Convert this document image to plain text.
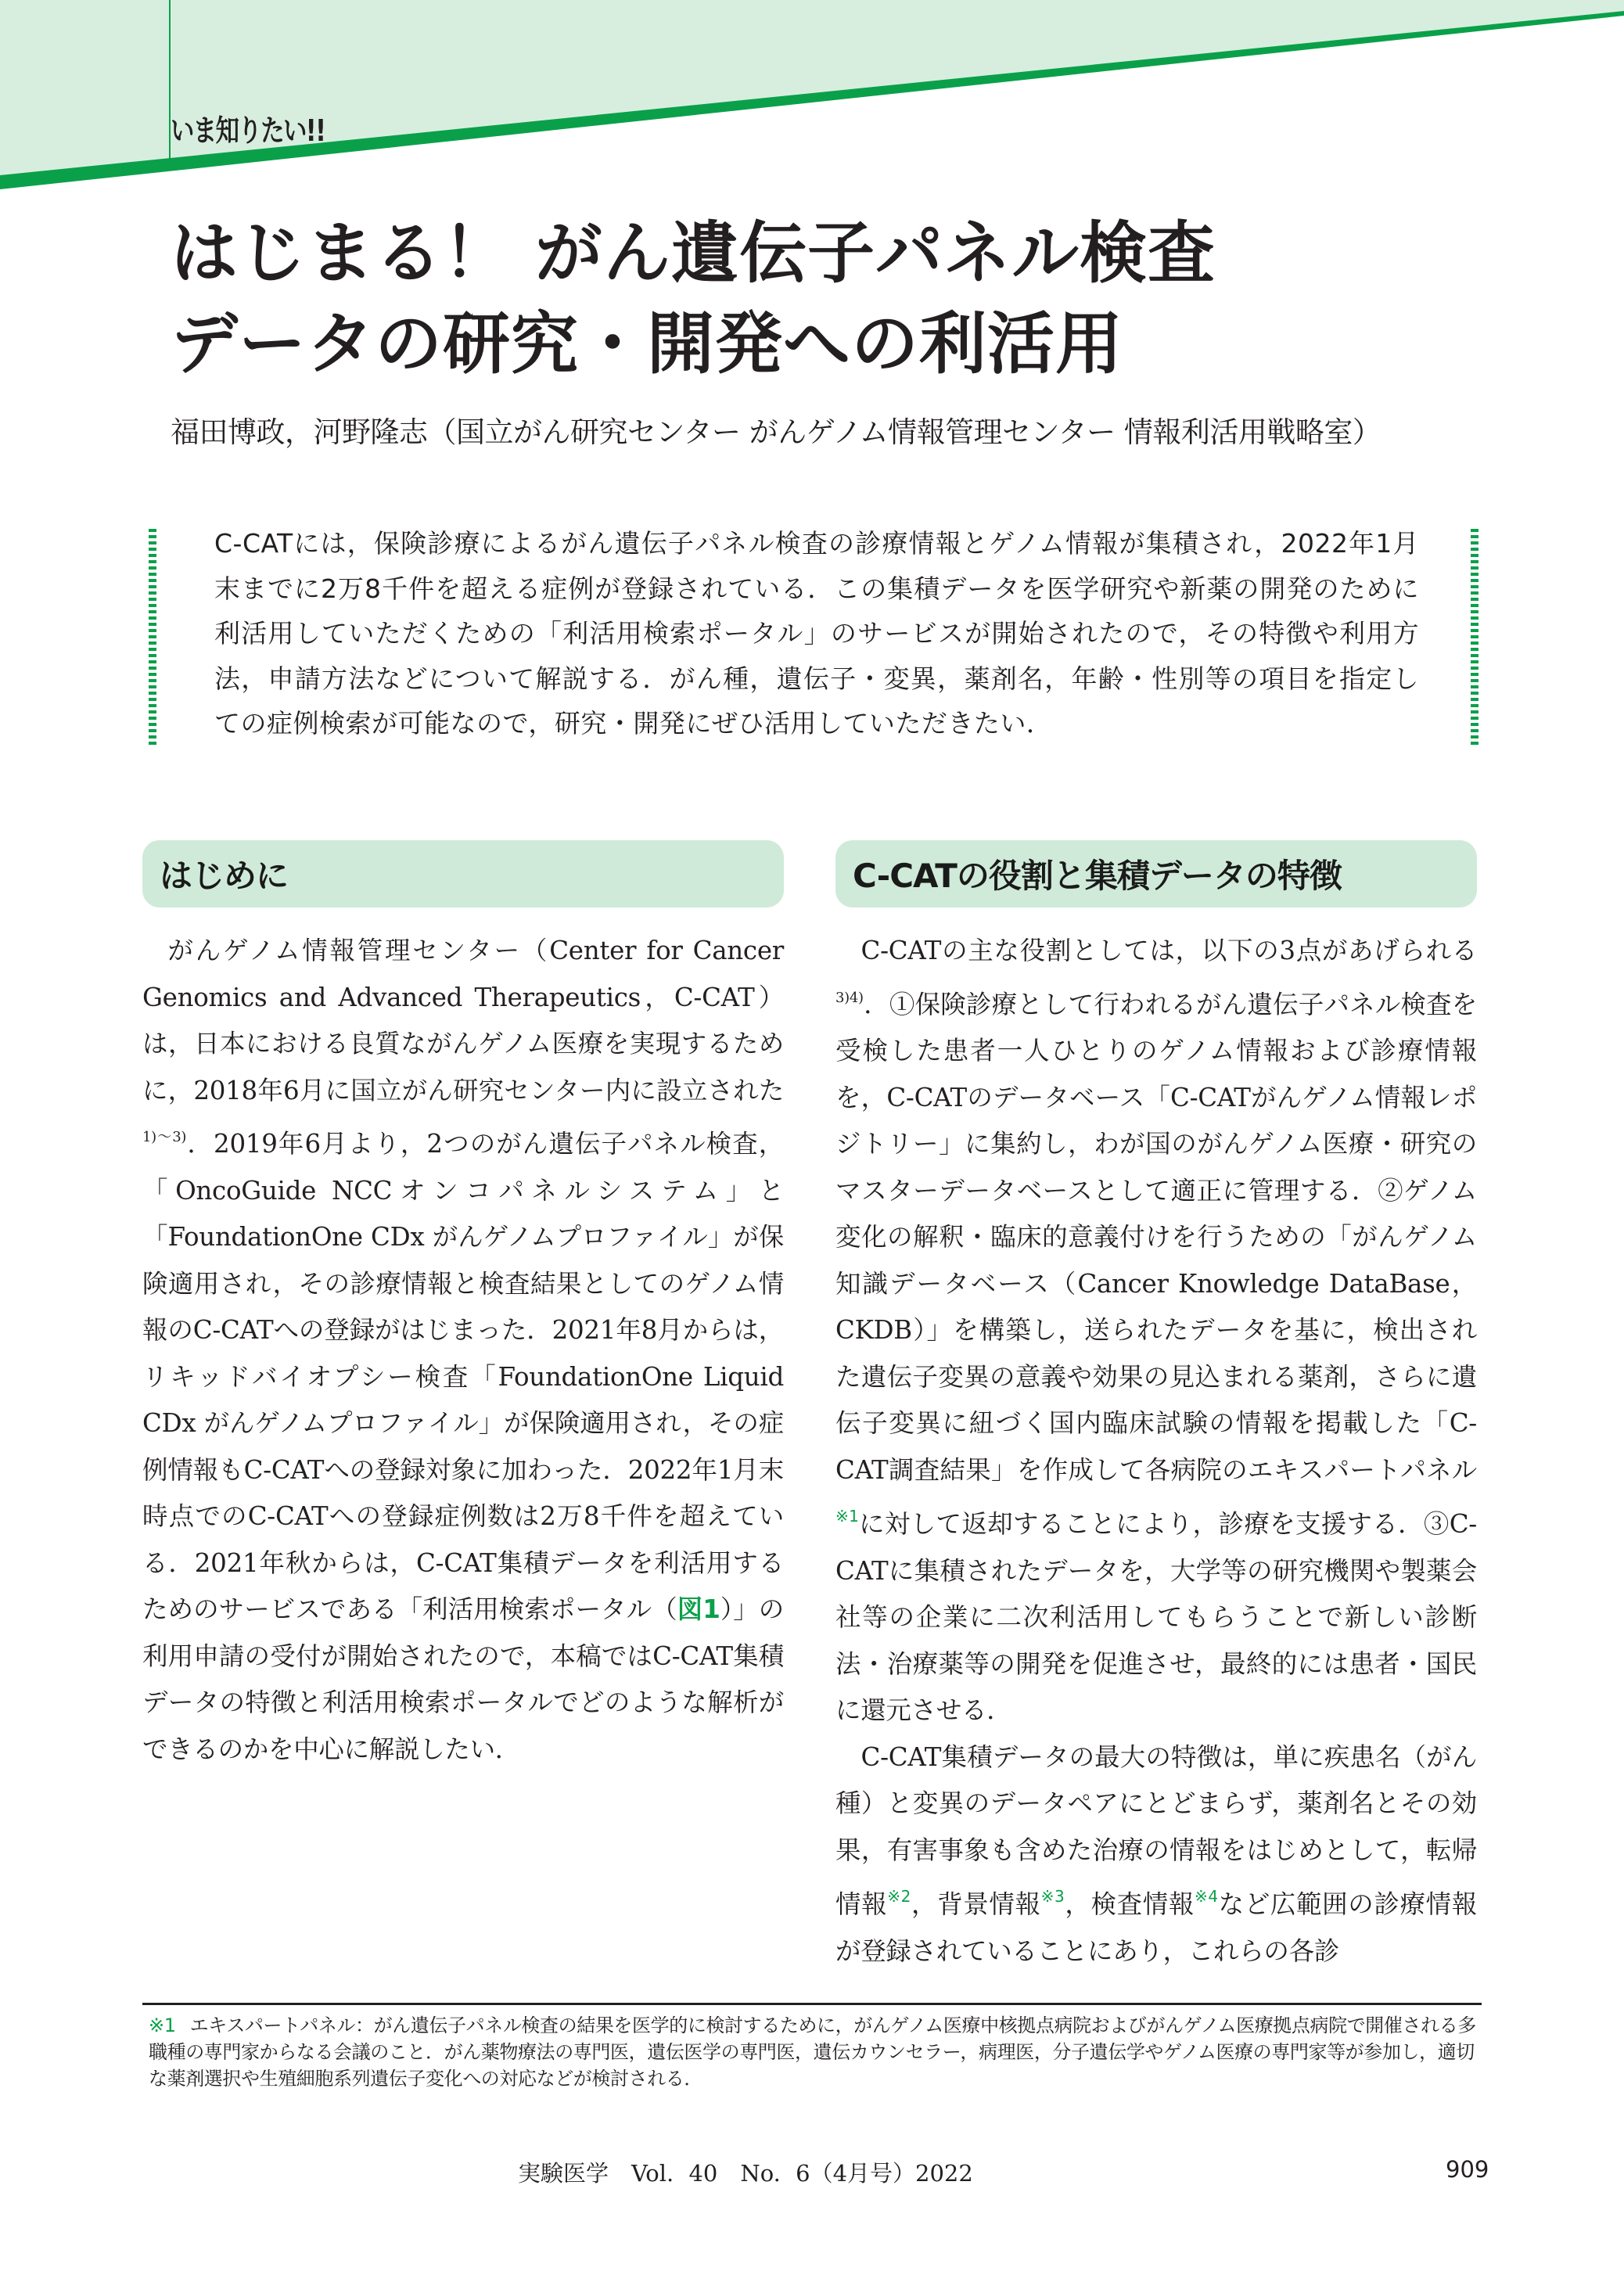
いま知りたい!!
はじまる！ がん遺伝子パネル検査
データの研究・開発への利活用
福田博政，河野隆志（国立がん研究センター がんゲノム情報管理センター 情報利活用戦略室）

C-CATには，保険診療によるがん遺伝子パネル検査の診療情報とゲノム情報が集積され，2022年1月末までに2万8千件を超える症例が登録されている．この集積データを医学研究や新薬の開発のために利活用していただくための「利活用検索ポータル」のサービスが開始されたので，その特徴や利用方法，申請方法などについて解説する．がん種，遺伝子・変異，薬剤名，年齢・性別等の項目を指定しての症例検索が可能なので，研究・開発にぜひ活用していただきたい．

はじめに

がんゲノム情報管理センター（Center for Cancer Genomics and Advanced Therapeutics，C-CAT）は，日本における良質ながんゲノム医療を実現するために，2018年6月に国立がん研究センター内に設立された$^{1)\sim 3)}$．2019年6月より，2つのがん遺伝子パネル検査，「OncoGuide NCCオンコパネルシステム」と「FoundationOne CDx がんゲノムプロファイル」が保険適用され，その診療情報と検査結果としてのゲノム情報のC-CATへの登録がはじまった．2021年8月からは，リキッドバイオプシー検査「FoundationOne Liquid CDx がんゲノムプロファイル」が保険適用され，その症例情報もC-CATへの登録対象に加わった．2022年1月末時点でのC-CATへの登録症例数は2万8千件を超えている．2021年秋からは，C-CAT集積データを利活用するためのサービスである「利活用検索ポータル（図1）」の利用申請の受付が開始されたので，本稿ではC-CAT集積データの特徴と利活用検索ポータルでどのような解析ができるのかを中心に解説したい．

C-CATの役割と集積データの特徴

C-CATの主な役割としては，以下の3点があげられる$^{3)4)}$．①保険診療として行われるがん遺伝子パネル検査を受検した患者一人ひとりのゲノム情報および診療情報を，C-CATのデータベース「C-CATがんゲノム情報レポジトリー」に集約し，わが国のがんゲノム医療・研究のマスターデータベースとして適正に管理する．②ゲノム変化の解釈・臨床的意義付けを行うための「がんゲノム知識データベース（Cancer Knowledge DataBase，CKDB）」を構築し，送られたデータを基に，検出された遺伝子変異の意義や効果の見込まれる薬剤，さらに遺伝子変異に紐づく国内臨床試験の情報を掲載した「C-CAT調査結果」を作成して各病院のエキスパートパネル$^{※1}$に対して返却することにより，診療を支援する．③C-CATに集積されたデータを，大学等の研究機関や製薬会社等の企業に二次利活用してもらうことで新しい診断法・治療薬等の開発を促進させ，最終的には患者・国民に還元させる．

C-CAT集積データの最大の特徴は，単に疾患名（がん種）と変異のデータペアにとどまらず，薬剤名とその効果，有害事象も含めた治療の情報をはじめとして，転帰情報$^{※2}$，背景情報$^{※3}$，検査情報$^{※4}$など広範囲の診療情報が登録されていることにあり，これらの各診

※1 エキスパートパネル：がん遺伝子パネル検査の結果を医学的に検討するために，がんゲノム医療中核拠点病院およびがんゲノム医療拠点病院で開催される多職種の専門家からなる会議のこと．がん薬物療法の専門医，遺伝医学の専門医，遺伝カウンセラー，病理医，分子遺伝学やゲノム医療の専門家等が参加し，適切な薬剤選択や生殖細胞系列遺伝子変化への対応などが検討される．
実験医学　Vol. 40　No. 6（4月号）2022	909
